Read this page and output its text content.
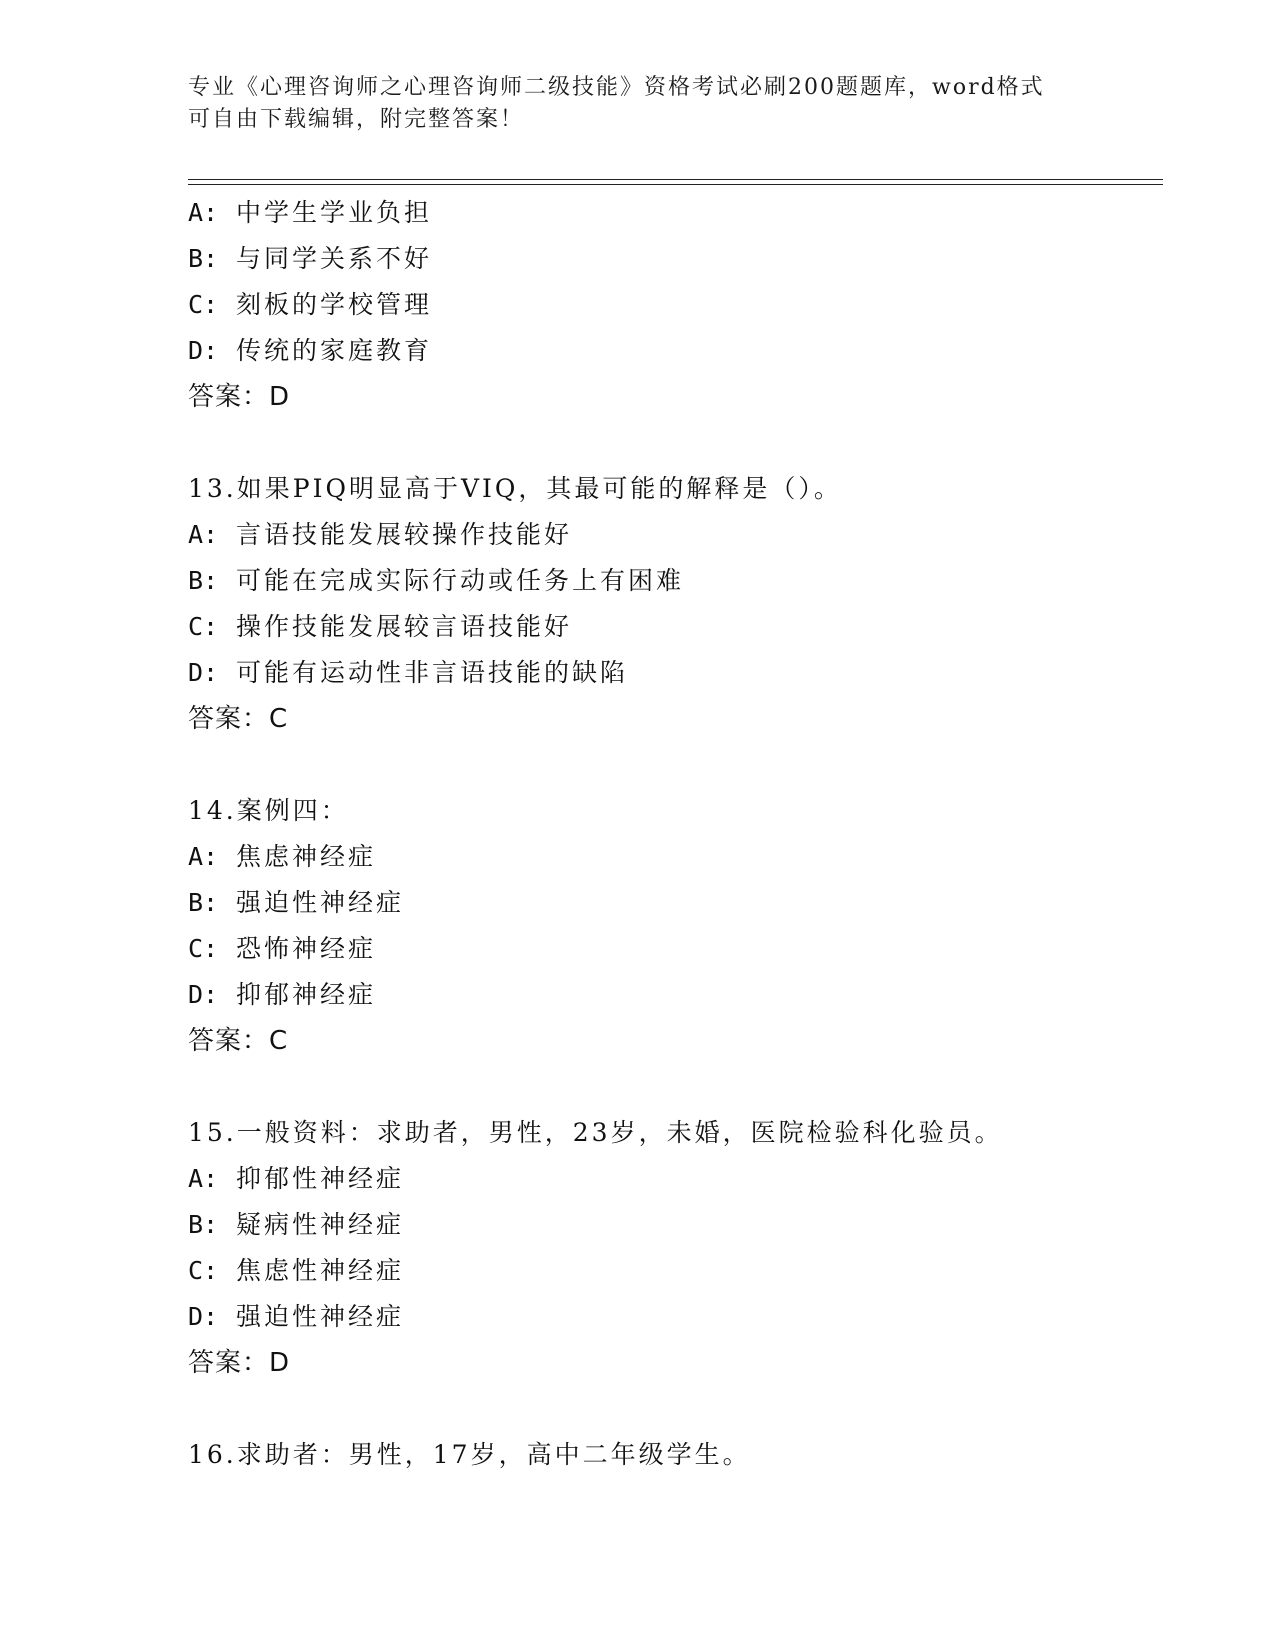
专业《心理咨询师之心理咨询师二级技能》资格考试必刷200题题库，word格式
可自由下载编辑，附完整答案！
A: 中学生学业负担
B: 与同学关系不好
C: 刻板的学校管理
D: 传统的家庭教育
答案：D
13.如果PIQ明显高于VIQ，其最可能的解释是（）。
A: 言语技能发展较操作技能好
B: 可能在完成实际行动或任务上有困难
C: 操作技能发展较言语技能好
D: 可能有运动性非言语技能的缺陷
答案：C
14.案例四：
A: 焦虑神经症
B: 强迫性神经症
C: 恐怖神经症
D: 抑郁神经症
答案：C
15.一般资料：求助者，男性，23岁，未婚，医院检验科化验员。
A: 抑郁性神经症
B: 疑病性神经症
C: 焦虑性神经症
D: 强迫性神经症
答案：D
16.求助者：男性，17岁，高中二年级学生。
